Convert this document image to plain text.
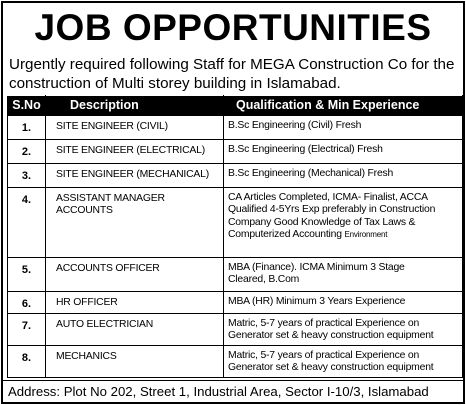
JOB OPPORTUNITIES
Urgently required following Staff for MEGA Construction Co for the construction of Multi storey building in Islamabad.
S.No	Description	Qualification & Min Experience
1.	SITE ENGINEER (CIVIL)	B.Sc Engineering (Civil) Fresh
2.	SITE ENGINEER (ELECTRICAL)	B.Sc Engineering (Electrical) Fresh
3.	SITE ENGINEER (MECHANICAL)	B.Sc Engineering (Mechanical) Fresh
4.	ASSISTANT MANAGER ACCOUNTS	CA Articles Completed, ICMA- Finalist, ACCA Qualified 4-5Yrs Exp preferably in Construction Company Good Knowledge of Tax Laws & Computerized Accounting Environment
5.	ACCOUNTS OFFICER	MBA (Finance). ICMA Minimum 3 Stage Cleared, B.Com
6.	HR OFFICER	MBA (HR) Minimum 3 Years Experience
7.	AUTO ELECTRICIAN	Matric, 5-7 years of practical Experience on Generator set & heavy construction equipment
8.	MECHANICS	Matric, 5-7 years of practical Experience on Generator set & heavy construction equipment
Address: Plot No 202, Street 1, Industrial Area, Sector I-10/3, Islamabad
